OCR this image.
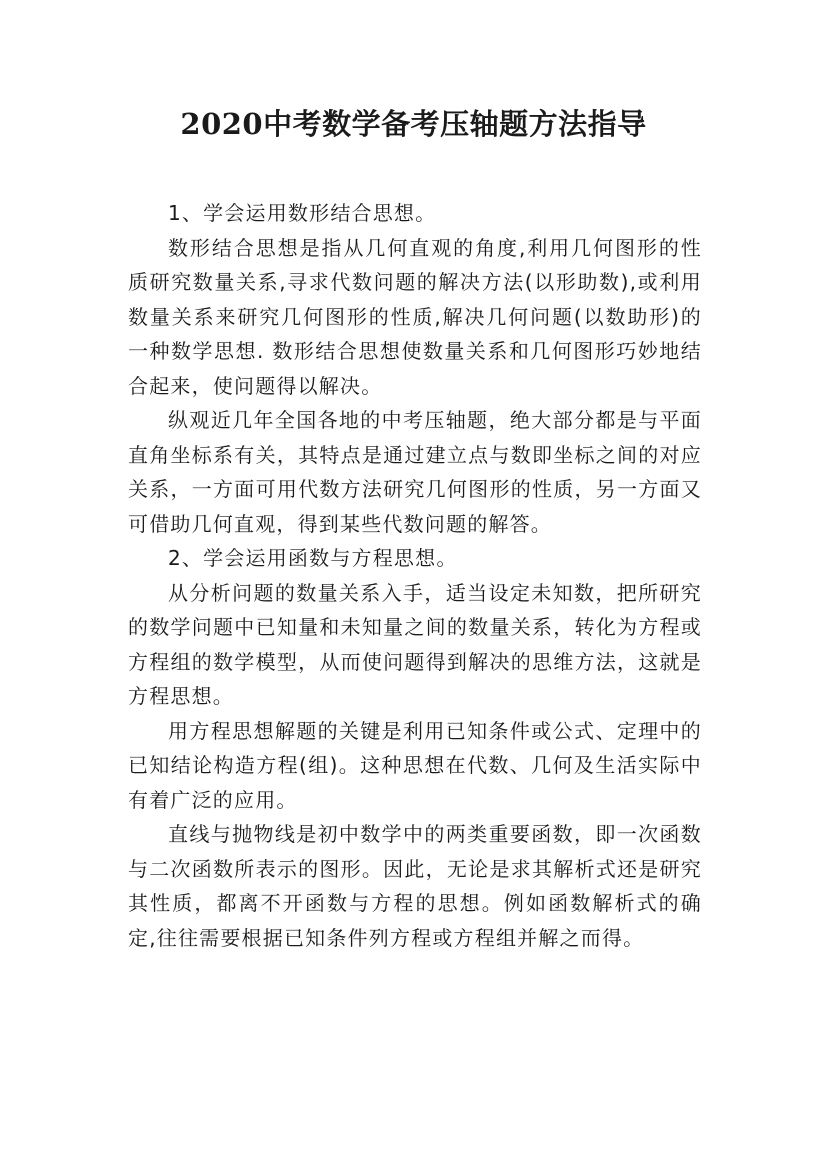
2020中考数学备考压轴题方法指导

1、学会运用数形结合思想。

数形结合思想是指从几何直观的角度,利用几何图形的性质研究数量关系,寻求代数问题的解决方法(以形助数),或利用数量关系来研究几何图形的性质,解决几何问题(以数助形)的一种数学思想. 数形结合思想使数量关系和几何图形巧妙地结合起来，使问题得以解决。

纵观近几年全国各地的中考压轴题，绝大部分都是与平面直角坐标系有关，其特点是通过建立点与数即坐标之间的对应关系，一方面可用代数方法研究几何图形的性质，另一方面又可借助几何直观，得到某些代数问题的解答。

2、学会运用函数与方程思想。

从分析问题的数量关系入手，适当设定未知数，把所研究的数学问题中已知量和未知量之间的数量关系，转化为方程或方程组的数学模型，从而使问题得到解决的思维方法，这就是方程思想。

用方程思想解题的关键是利用已知条件或公式、定理中的已知结论构造方程(组)。这种思想在代数、几何及生活实际中有着广泛的应用。

直线与抛物线是初中数学中的两类重要函数，即一次函数与二次函数所表示的图形。因此，无论是求其解析式还是研究其性质，都离不开函数与方程的思想。例如函数解析式的确定,往往需要根据已知条件列方程或方程组并解之而得。
